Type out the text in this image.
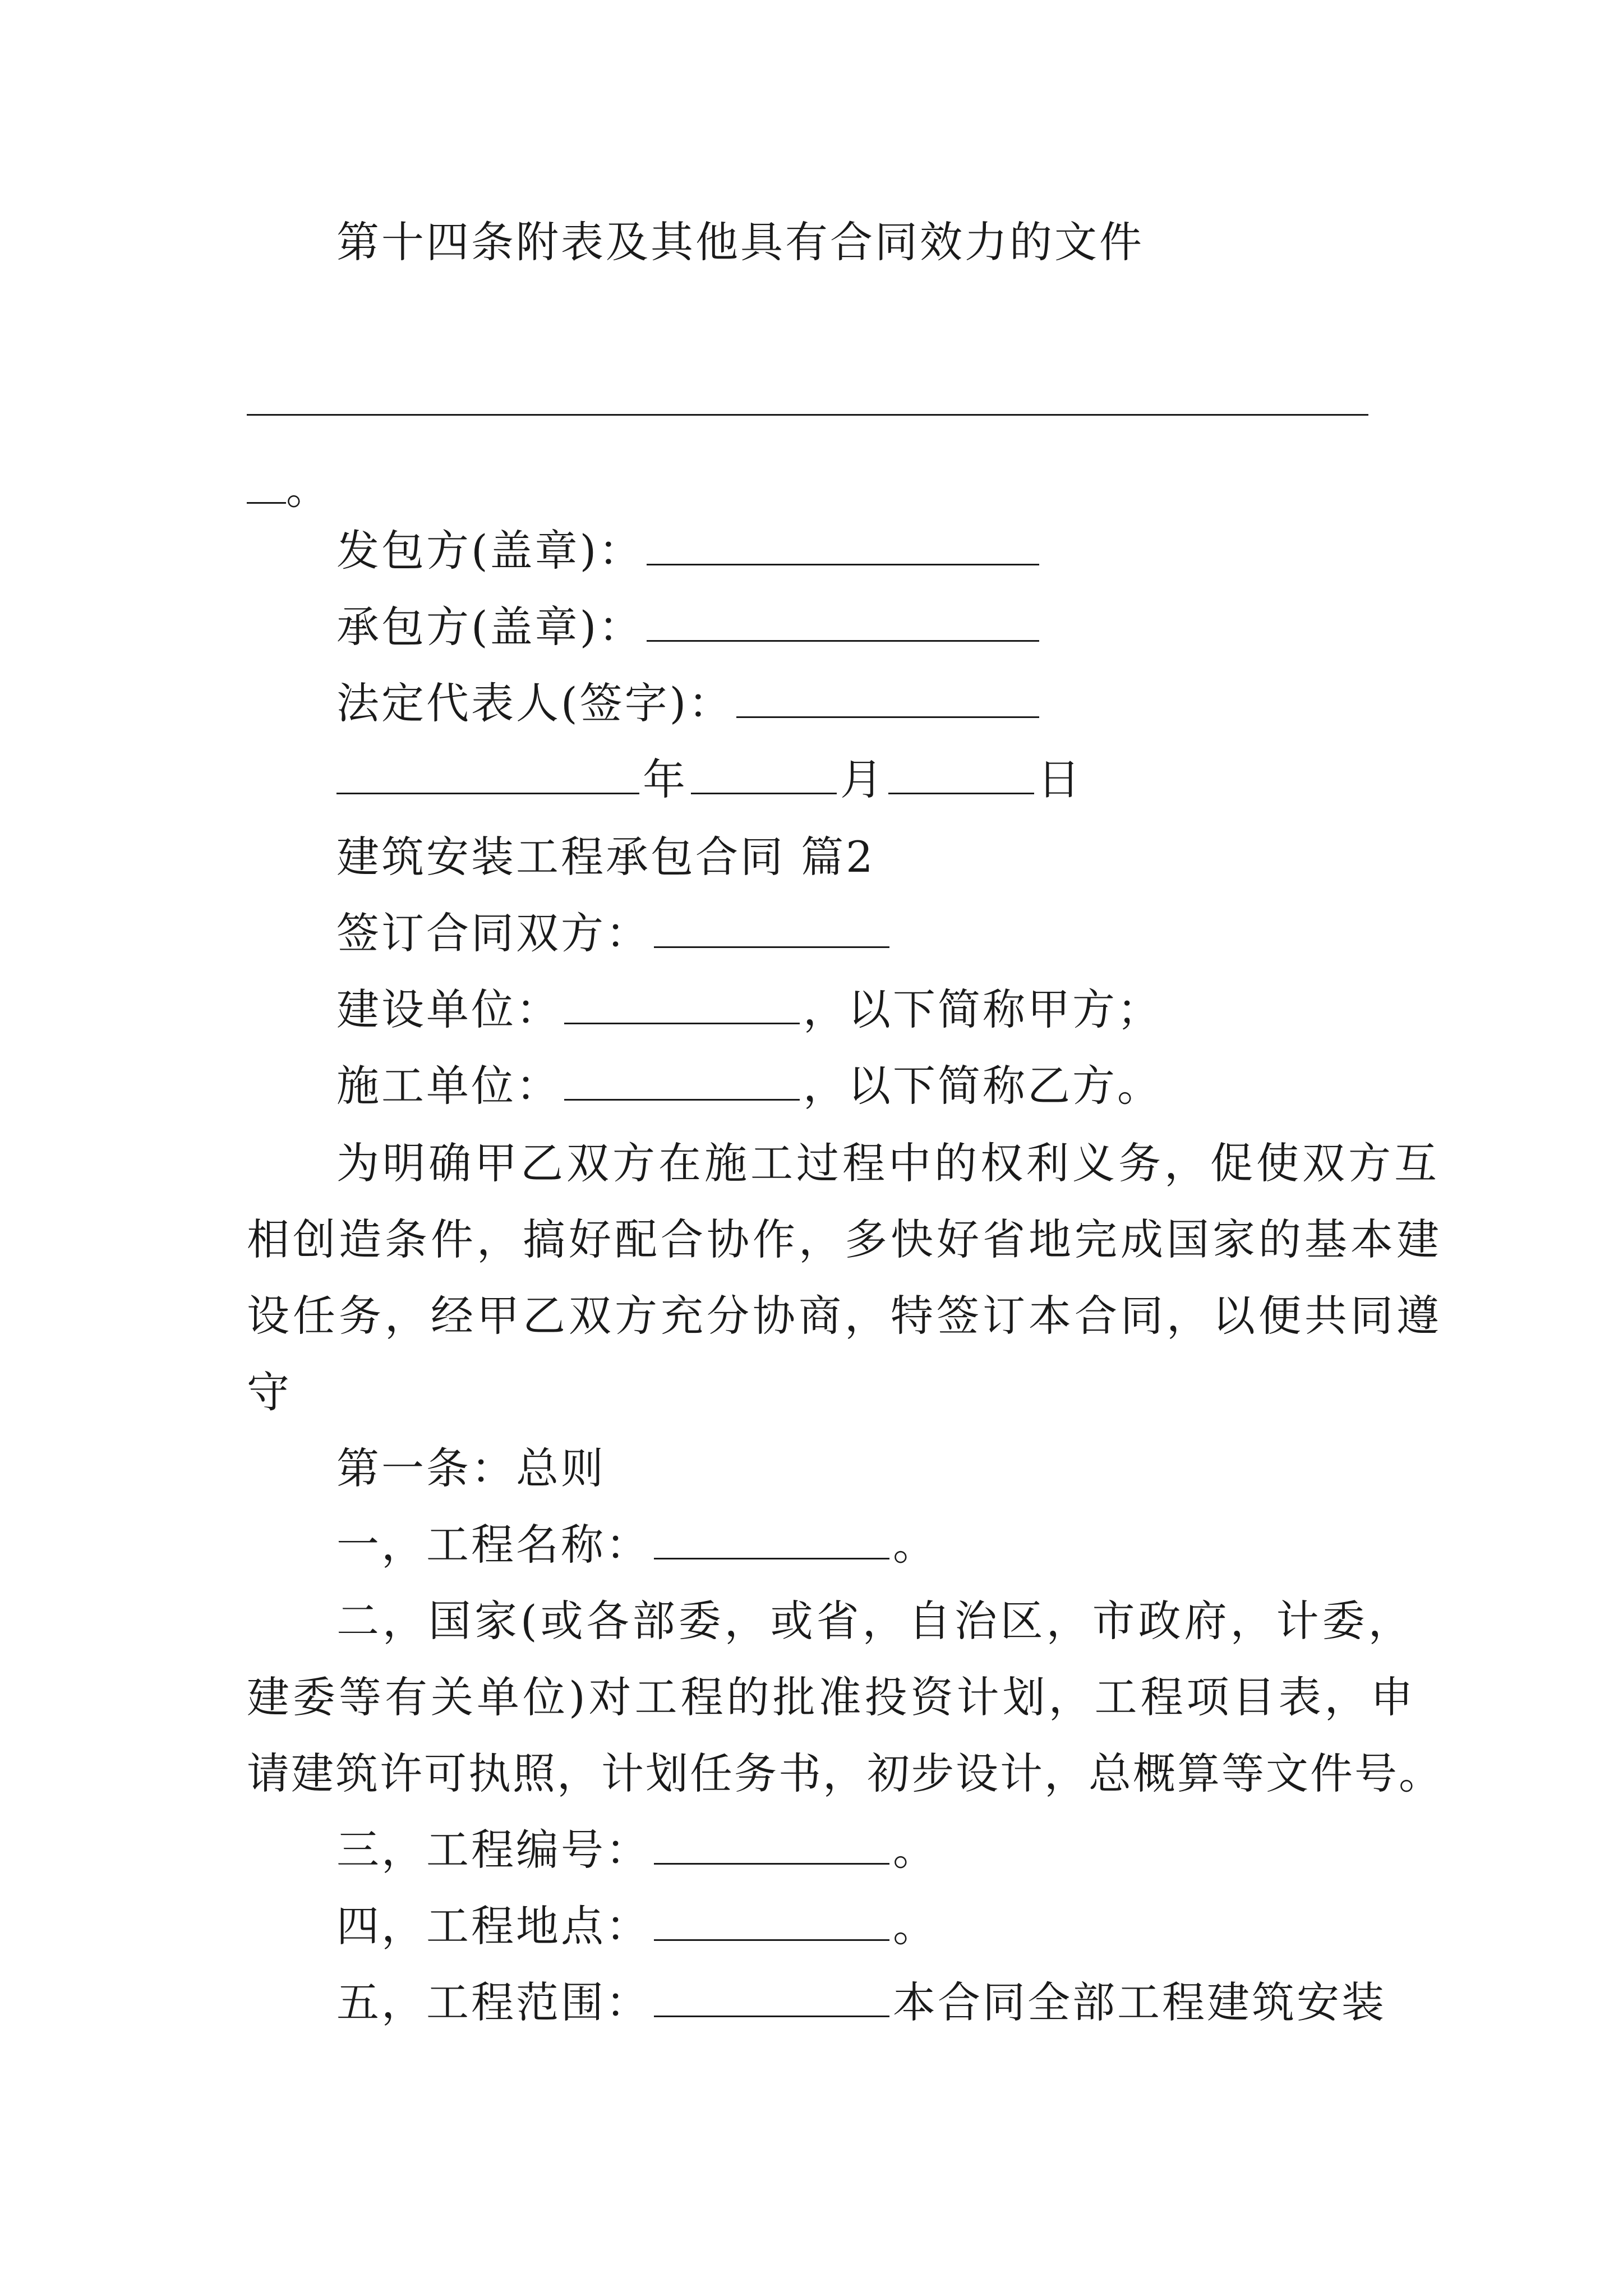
第十四条附表及其他具有合同效力的文件
。
发包方(盖章)：
承包方(盖章)：
法定代表人(签字)：
年	月	日
建筑安装工程承包合同 篇2
签订合同双方：
建设单位：	，以下简称甲方；
施工单位：	，以下简称乙方。
为明确甲乙双方在施工过程中的权利义务，促使双方互
相创造条件，搞好配合协作，多快好省地完成国家的基本建
设任务，经甲乙双方充分协商，特签订本合同，以便共同遵
守
第一条：总则
一，工程名称：	。
二，国家(或各部委，或省，自治区，市政府，计委，
建委等有关单位)对工程的批准投资计划，工程项目表，申
请建筑许可执照，计划任务书，初步设计，总概算等文件号。
三，工程编号：	。
四，工程地点：	。
五，工程范围：	本合同全部工程建筑安装
